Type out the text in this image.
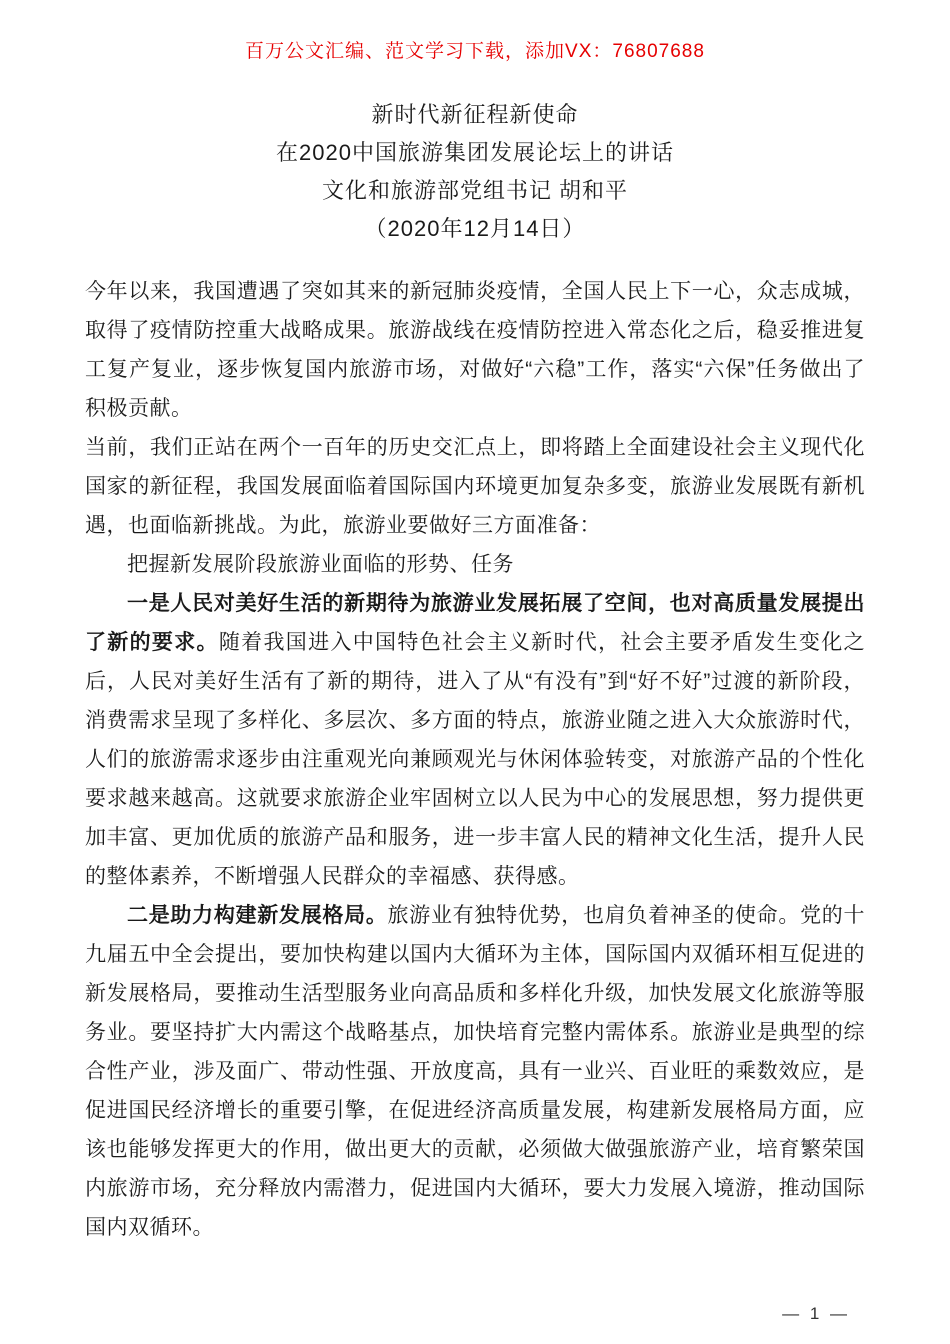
百万公文汇编、范文学习下载，添加VX：76807688
新时代新征程新使命
在2020中国旅游集团发展论坛上的讲话
文化和旅游部党组书记 胡和平
（2020年12月14日）

今年以来，我国遭遇了突如其来的新冠肺炎疫情，全国人民上下一心，众志成城，取得了疫情防控重大战略成果。旅游战线在疫情防控进入常态化之后，稳妥推进复工复产复业，逐步恢复国内旅游市场，对做好“六稳”工作，落实“六保”任务做出了积极贡献。

当前，我们正站在两个一百年的历史交汇点上，即将踏上全面建设社会主义现代化国家的新征程，我国发展面临着国际国内环境更加复杂多变，旅游业发展既有新机遇，也面临新挑战。为此，旅游业要做好三方面准备：

把握新发展阶段旅游业面临的形势、任务

一是人民对美好生活的新期待为旅游业发展拓展了空间，也对高质量发展提出了新的要求。随着我国进入中国特色社会主义新时代，社会主要矛盾发生变化之后，人民对美好生活有了新的期待，进入了从“有没有”到“好不好”过渡的新阶段，消费需求呈现了多样化、多层次、多方面的特点，旅游业随之进入大众旅游时代，人们的旅游需求逐步由注重观光向兼顾观光与休闲体验转变，对旅游产品的个性化要求越来越高。这就要求旅游企业牢固树立以人民为中心的发展思想，努力提供更加丰富、更加优质的旅游产品和服务，进一步丰富人民的精神文化生活，提升人民的整体素养，不断增强人民群众的幸福感、获得感。

二是助力构建新发展格局。旅游业有独特优势，也肩负着神圣的使命。党的十九届五中全会提出，要加快构建以国内大循环为主体，国际国内双循环相互促进的新发展格局，要推动生活型服务业向高品质和多样化升级，加快发展文化旅游等服务业。要坚持扩大内需这个战略基点，加快培育完整内需体系。旅游业是典型的综合性产业，涉及面广、带动性强、开放度高，具有一业兴、百业旺的乘数效应，是促进国民经济增长的重要引擎，在促进经济高质量发展，构建新发展格局方面，应该也能够发挥更大的作用，做出更大的贡献，必须做大做强旅游产业，培育繁荣国内旅游市场，充分释放内需潜力，促进国内大循环，要大力发展入境游，推动国际国内双循环。

— 1 —
